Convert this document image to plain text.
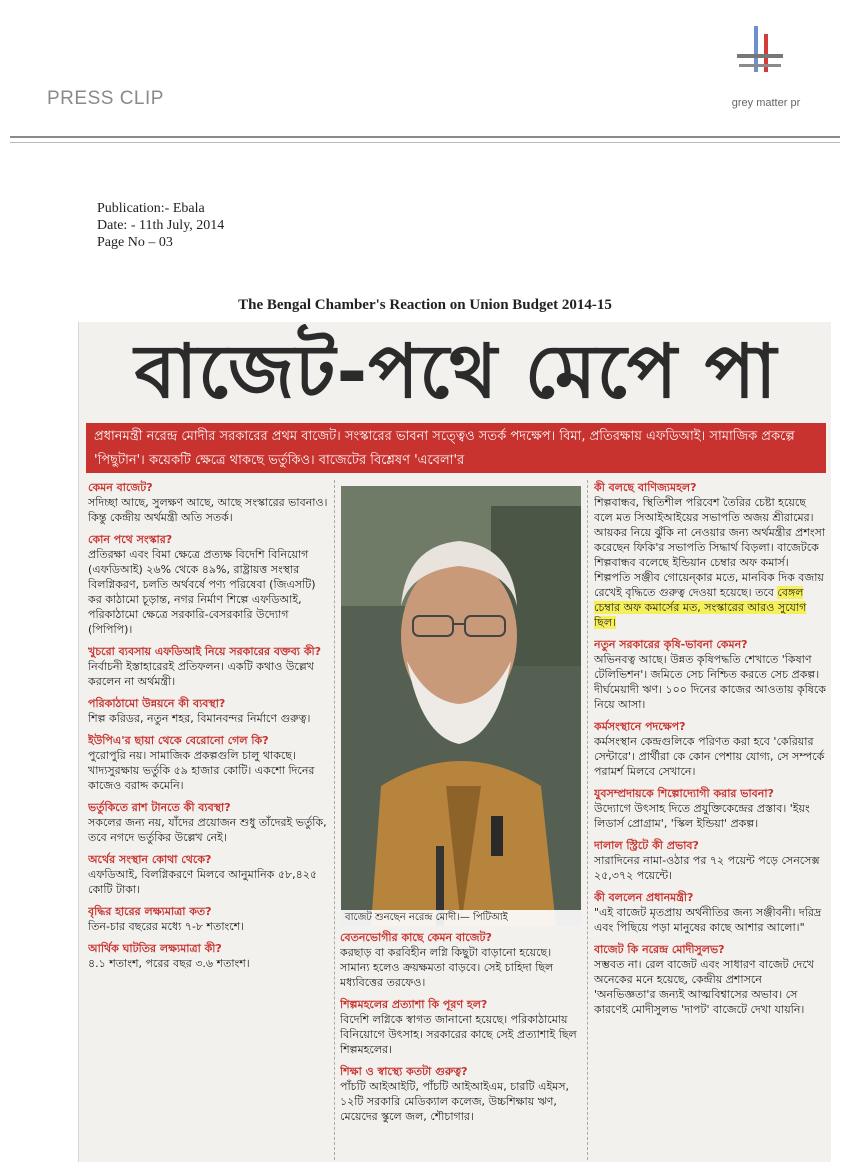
PRESS CLIP	grey matter pr
Publication:- Ebala
Date: - 11th July, 2014
Page No – 03
The Bengal Chamber's Reaction on Union Budget 2014-15
বাজেট-পথে মেপে পা
প্রধানমন্ত্রী নরেন্দ্র মোদীর সরকারের প্রথম বাজেট। সংস্কারের ভাবনা সত্ত্বেও সতর্ক পদক্ষেপ। বিমা, প্রতিরক্ষায় এফডিআই। সামাজিক প্রকল্পে 'পিছুটান'। কয়েকটি ক্ষেত্রে থাকছে ভর্তুকিও। বাজেটের বিশ্লেষণ 'এবেলা'র
কেমন বাজেট?
সদিচ্ছা আছে, সুলক্ষণ আছে, আছে সংস্কারের ভাবনাও। কিন্তু কেন্দ্রীয় অর্থমন্ত্রী অতি সতর্ক।
কোন পথে সংস্কার?
প্রতিরক্ষা এবং বিমা ক্ষেত্রে প্রত্যক্ষ বিদেশি বিনিয়োগ (এফডিআই) ২৬% থেকে ৪৯%, রাষ্ট্রায়ত্ত সংস্থার বিলগ্নিকরণ, চলতি অর্থবর্ষে পণ্য পরিষেবা (জিএসটি) কর কাঠামো চূড়ান্ত, নগর নির্মাণ শিল্পে এফডিআই, পরিকাঠামো ক্ষেত্রে সরকারি-বেসরকারি উদ্যোগ (পিপিপি)।
খুচরো ব্যবসায় এফডিআই নিয়ে সরকারের বক্তব্য কী?
নির্বাচনী ইস্তাহারেরই প্রতিফলন। একটি কথাও উল্লেখ করলেন না অর্থমন্ত্রী।
পরিকাঠামো উন্নয়নে কী ব্যবস্থা?
শিল্প করিডর, নতুন শহর, বিমানবন্দর নির্মাণে গুরুত্ব।
ইউপিএ'র ছায়া থেকে বেরোনো গেল কি?
পুরোপুরি নয়। সামাজিক প্রকল্পগুলি চালু থাকছে। খাদ্যসুরক্ষায় ভর্তুকি ৫৯ হাজার কোটি। একশো দিনের কাজেও বরাদ্দ কমেনি।
ভর্তুকিতে রাশ টানতে কী ব্যবস্থা?
সকলের জন্য নয়, যাঁদের প্রয়োজন শুধু তাঁদেরই ভর্তুকি, তবে নগদে ভর্তুকির উল্লেখ নেই।
অর্থের সংস্থান কোথা থেকে?
এফডিআই, বিলগ্নিকরণে মিলবে আনুমানিক ৫৮,৪২৫ কোটি টাকা।
বৃদ্ধির হারের লক্ষ্যমাত্রা কত?
তিন-চার বছরের মধ্যে ৭-৮ শতাংশে।
আর্থিক ঘাটতির লক্ষ্যমাত্রা কী?
৪.১ শতাংশ, পরের বছর ৩.৬ শতাংশ।
বাজেট শুনছেন নরেন্দ্র মোদী।— পিটিআই
বেতনভোগীর কাছে কেমন বাজেট?
করছাড় বা করবিহীন লগ্নি কিছুটা বাড়ানো হয়েছে। সামান্য হলেও ক্রয়ক্ষমতা বাড়বে। সেই চাহিদা ছিল মধ্যবিত্তের তরফেও।
শিল্পমহলের প্রত্যাশা কি পূরণ হল?
বিদেশি লগ্নিকে স্বাগত জানানো হয়েছে। পরিকাঠামোয় বিনিয়োগে উৎসাহ। সরকারের কাছে সেই প্রত্যাশাই ছিল শিল্পমহলের।
শিক্ষা ও স্বাস্থ্যে কতটা গুরুত্ব?
পাঁচটি আইআইটি, পাঁচটি আইআইএম, চারটি এইমস, ১২টি সরকারি মেডিক্যাল কলেজ, উচ্চশিক্ষায় ঋণ, মেয়েদের স্কুলে জল, শৌচাগার।
কী বলছে বাণিজ্যমহল?
শিল্পবান্ধব, স্থিতিশীল পরিবেশ তৈরির চেষ্টা হয়েছে বলে মত সিআইআইয়ের সভাপতি অজয় শ্রীরামের। আয়কর নিয়ে ঝুঁকি না নেওয়ার জন্য অর্থমন্ত্রীর প্রশংসা করেছেন ফিকি'র সভাপতি সিদ্ধার্থ বিড়লা। বাজেটকে শিল্পবান্ধব বলেছে ইন্ডিয়ান চেম্বার অফ কমার্স। শিল্পপতি সঞ্জীব গোয়েন্‌কার মতে, মানবিক দিক বজায় রেখেই বৃদ্ধিতে গুরুত্ব দেওয়া হয়েছে। তবে বেঙ্গল চেম্বার অফ কমার্সের মত, সংস্কারের আরও সুযোগ ছিল।
নতুন সরকারের কৃষি-ভাবনা কেমন?
অভিনবত্ব আছে। উন্নত কৃষিপদ্ধতি শেখাতে 'কিষাণ টেলিভিশন'। জমিতে সেচ নিশ্চিত করতে সেচ প্রকল্প। দীর্ঘমেয়াদী ঋণ। ১০০ দিনের কাজের আওতায় কৃষিকে নিয়ে আসা।
কর্মসংস্থানে পদক্ষেপ?
কর্মসংস্থান কেন্দ্রগুলিকে পরিণত করা হবে 'কেরিয়ার সেন্টারে'। প্রার্থীরা কে কোন পেশায় যোগ্য, সে সম্পর্কে পরামর্শ মিলবে সেখানে।
যুবসম্প্রদায়কে শিল্পোদ্যোগী করার ভাবনা?
উদ্যোগে উৎসাহ দিতে প্রযুক্তিকেন্দ্রের প্রস্তাব। 'ইয়ং লিডার্স প্রোগ্রাম', 'স্কিল ইন্ডিয়া' প্রকল্প।
দালাল স্ট্রিটে কী প্রভাব?
সারাদিনের নামা-ওঠার পর ৭২ পয়েন্ট পড়ে সেনসেক্স ২৫,৩৭২ পয়েন্টে।
কী বললেন প্রধানমন্ত্রী?
"এই বাজেট মৃতপ্রায় অর্থনীতির জন্য সঞ্জীবনী। দরিদ্র এবং পিছিয়ে পড়া মানুষের কাছে আশার আলো।"
বাজেট কি নরেন্দ্র মোদীসুলভ?
সম্ভবত না। রেল বাজেট এবং সাধারণ বাজেট দেখে অনেকের মনে হয়েছে, কেন্দ্রীয় প্রশাসনে 'অনভিজ্ঞতা'র জন্যই আত্মবিশ্বাসের অভাব। সে কারণেই মোদীসুলভ 'দাপট' বাজেটে দেখা যায়নি।
